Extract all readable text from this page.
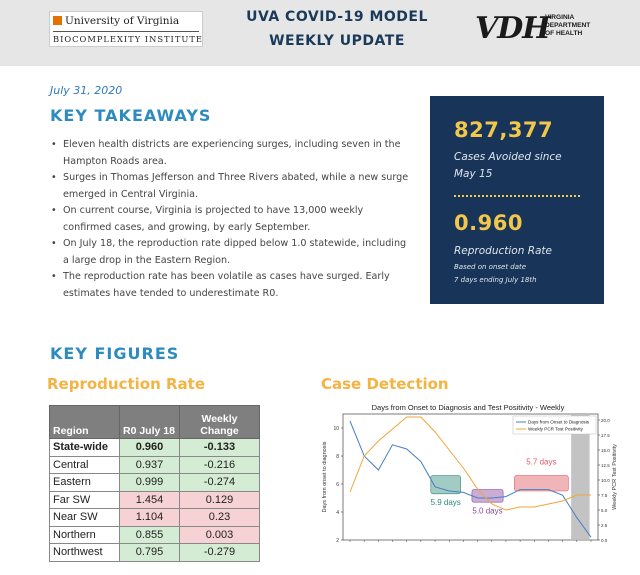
University of Virginia
BIOCOMPLEXITY INSTITUTE
UVA COVID-19 MODEL
WEEKLY UPDATE	VDH
VIRGINIA
DEPARTMENT
OF HEALTH
July 31, 2020
KEY TAKEAWAYS
• Eleven health districts are experiencing surges, including seven in the Hampton Roads area.
• Surges in Thomas Jefferson and Three Rivers abated, while a new surge emerged in Central Virginia.
• On current course, Virginia is projected to have 13,000 weekly confirmed cases, and growing, by early September.
• On July 18, the reproduction rate dipped below 1.0 statewide, including a large drop in the Eastern Region.
• The reproduction rate has been volatile as cases have surged. Early estimates have tended to underestimate R0.
827,377
Cases Avoided since
May 15
0.960
Reproduction Rate
Based on onset date
7 days ending July 18th
KEY FIGURES
Reproduction Rate	Case Detection
Region	R0 July 18	Weekly
Change

State-wide	0.960	-0.133
Central	0.937	-0.216
Eastern	0.999	-0.274
Far SW	1.454	0.129
Near SW	1.104	0.23
Northern	0.855	0.003
Northwest	0.795	-0.279
Days from Onset to Diagnosis and Test Positivity - Weekly
5.9 days
5.0 days
5.7 days
2
4
6
8
10
0.0
2.5
5.0
7.5
10.0
12.5
15.0
17.5
20.0
Days from Onset to Diagnosis
Weekly PCR Test Positivity
Days from onset to diagnosis	Weekly PCR Test Positivity
